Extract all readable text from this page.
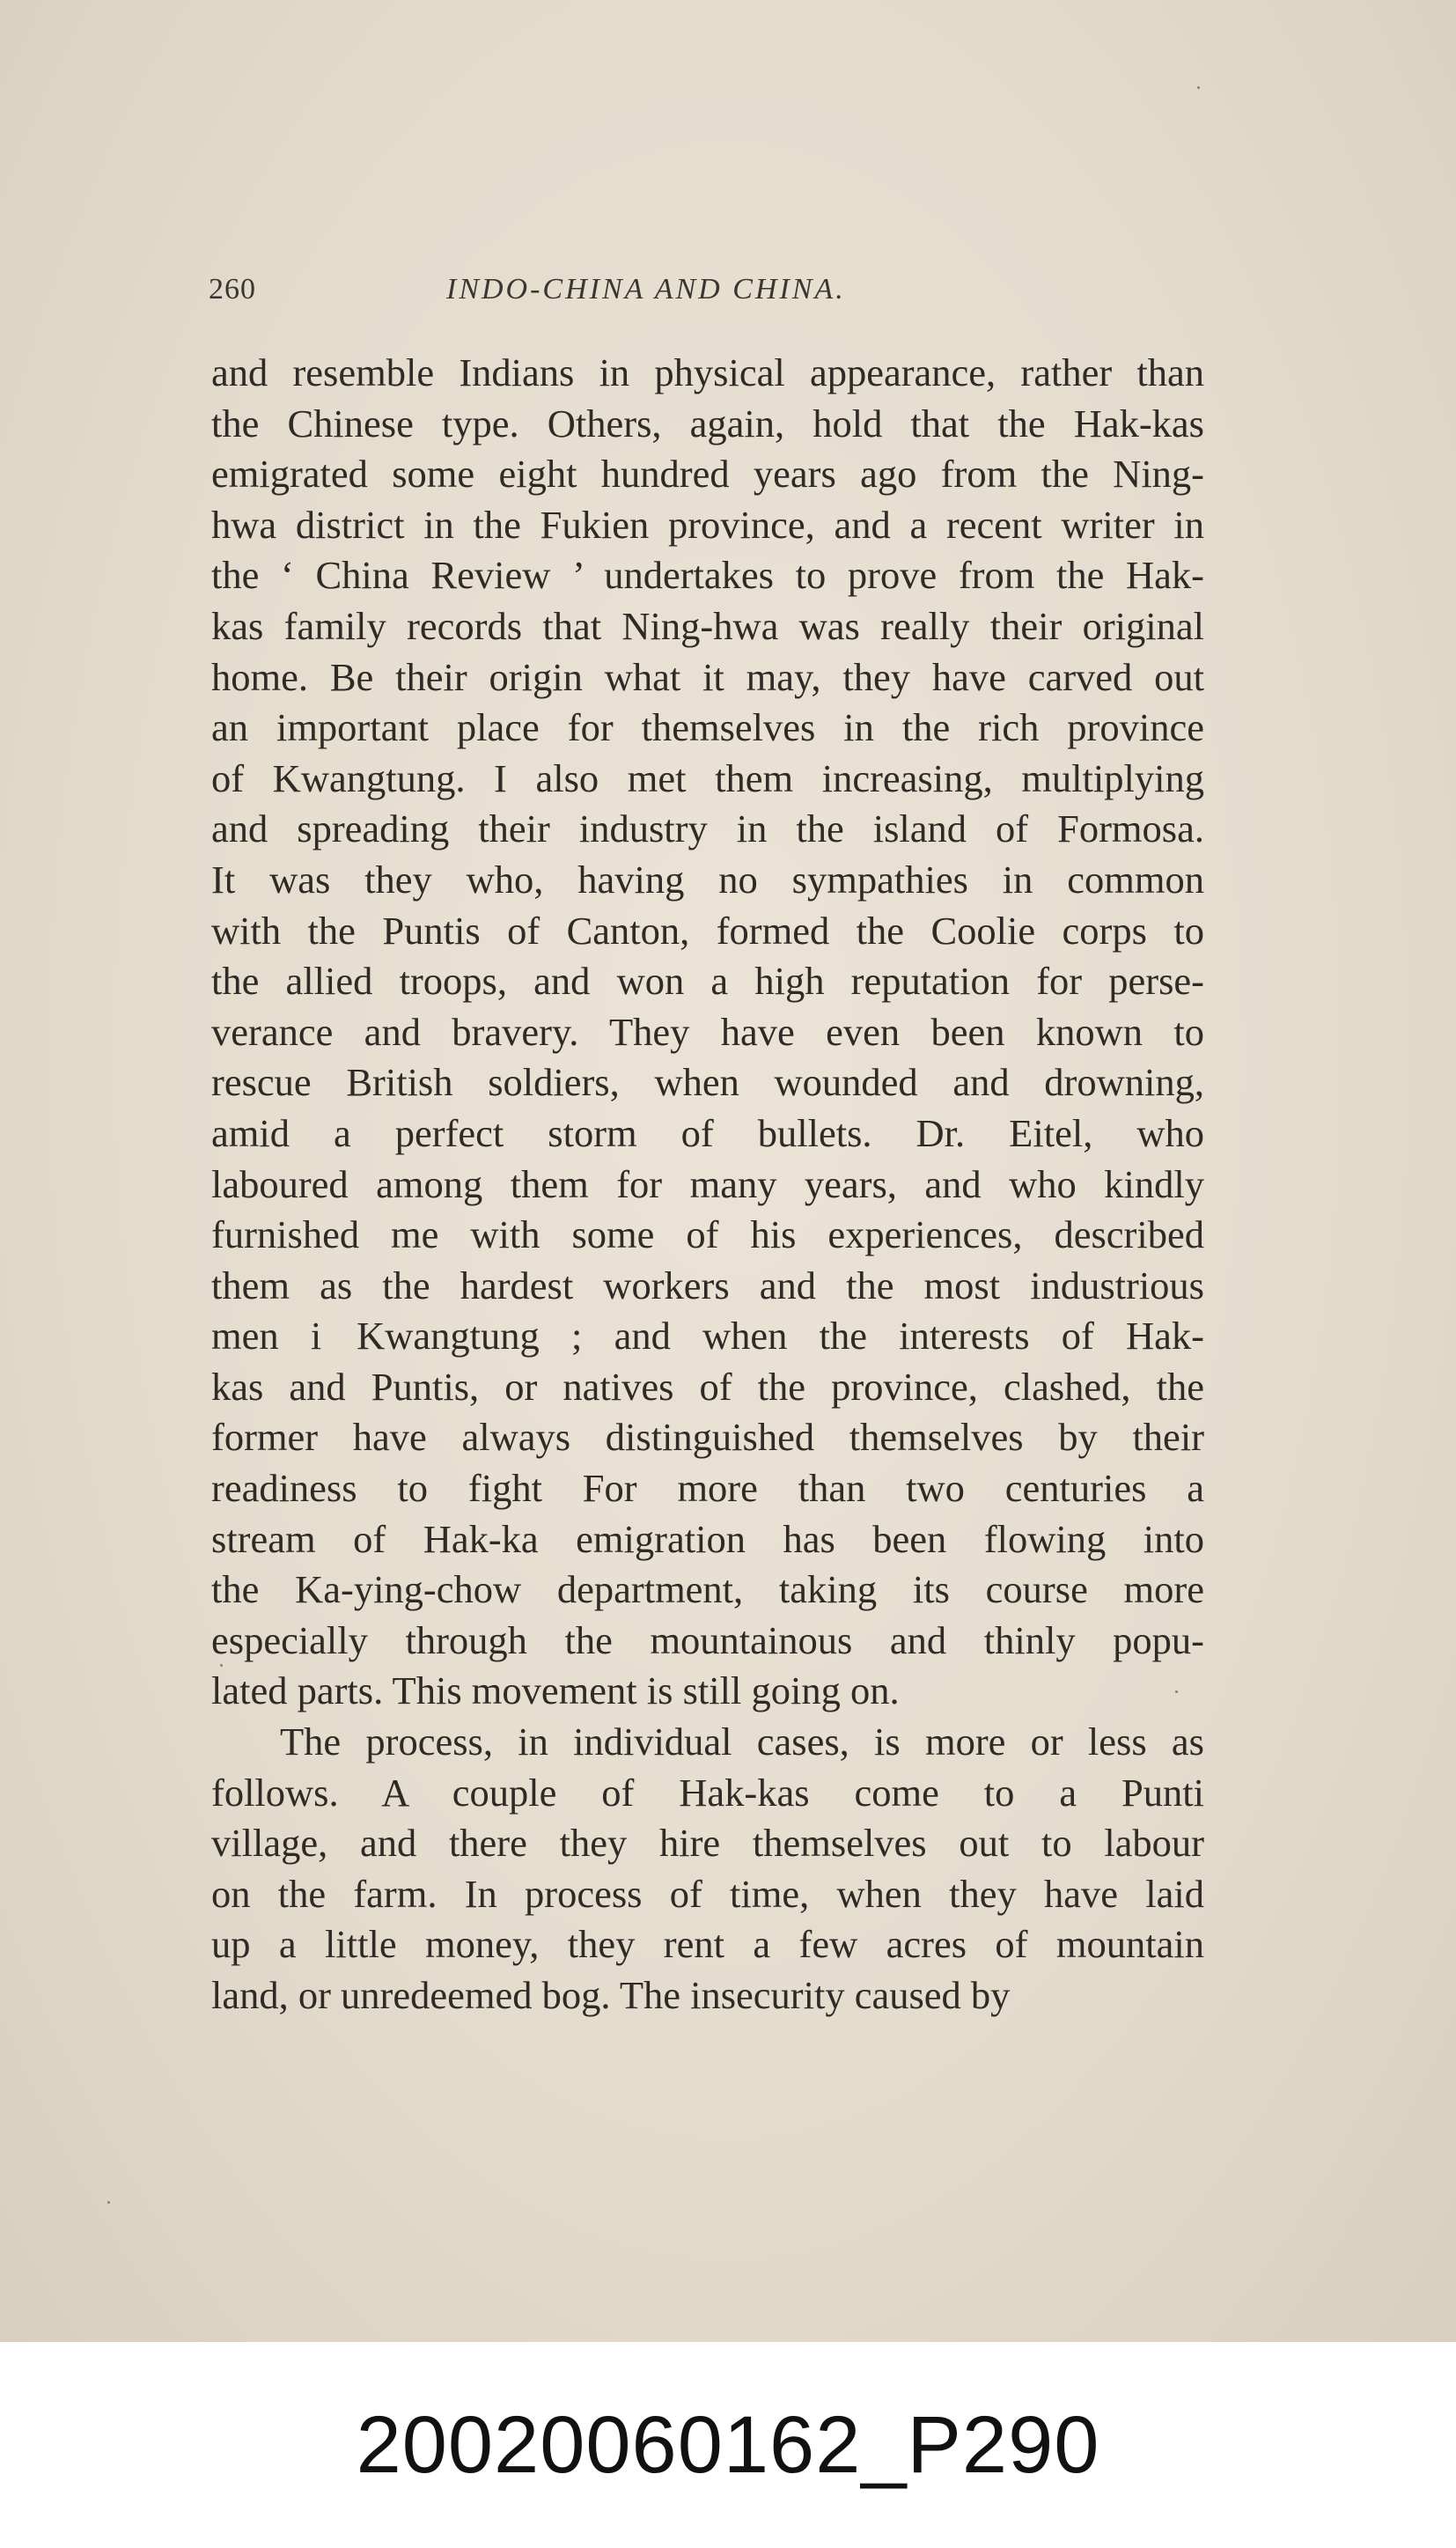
260	INDO-CHINA AND CHINA.
and resemble Indians in physical appearance, rather than
the Chinese type. Others, again, hold that the Hak-kas
emigrated some eight hundred years ago from the Ning-
hwa district in the Fukien province, and a recent writer in
the ‘ China Review ’ undertakes to prove from the Hak-
kas family records that Ning-hwa was really their original
home. Be their origin what it may, they have carved out
an important place for themselves in the rich province
of Kwangtung. I also met them increasing, multiplying
and spreading their industry in the island of Formosa.
It was they who, having no sympathies in common
with the Puntis of Canton, formed the Coolie corps to
the allied troops, and won a high reputation for perse-
verance and bravery. They have even been known to
rescue British soldiers, when wounded and drowning,
amid a perfect storm of bullets. Dr. Eitel, who
laboured among them for many years, and who kindly
furnished me with some of his experiences, described
them as the hardest workers and the most industrious
men i  Kwangtung ; and when the interests of Hak-
kas and Puntis, or natives of the province, clashed, the
former have always distinguished themselves by their
readiness to fight For more than two centuries a
stream of Hak-ka emigration has been flowing into
the Ka-ying-chow department, taking its course more
especially through the mountainous and thinly popu-
lated parts. This movement is still going on.
The process, in individual cases, is more or less as
follows. A couple of Hak-kas come to a Punti
village, and there they hire themselves out to labour
on the farm. In process of time, when they have laid
up a little money, they rent a few acres of mountain
land, or unredeemed bog. The insecurity caused by
20020060162_P290
